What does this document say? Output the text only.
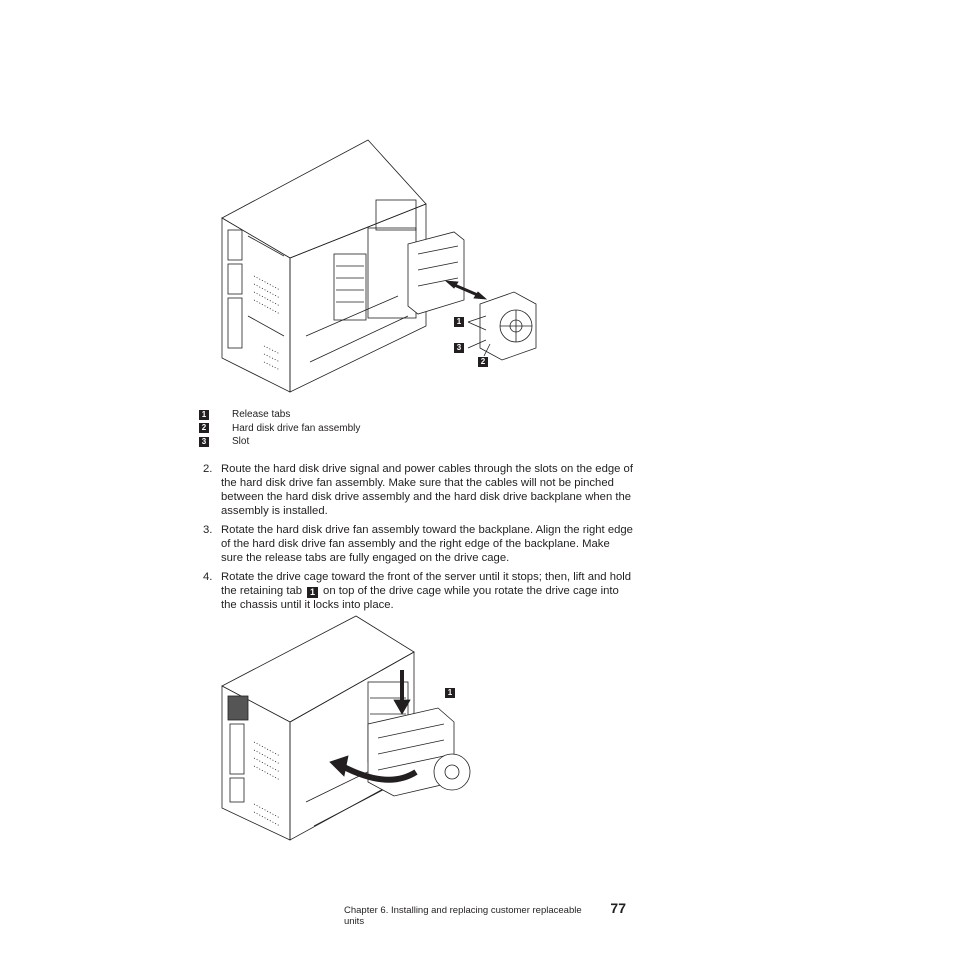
1
3
2
1	Release tabs
2	Hard disk drive fan assembly
3	Slot
2. Route the hard disk drive signal and power cables through the slots on the edge of the hard disk drive fan assembly. Make sure that the cables will not be pinched between the hard disk drive assembly and the hard disk drive backplane when the assembly is installed.
3. Rotate the hard disk drive fan assembly toward the backplane. Align the right edge of the hard disk drive fan assembly and the right edge of the backplane. Make sure the release tabs are fully engaged on the drive cage.
4. Rotate the drive cage toward the front of the server until it stops; then, lift and hold the retaining tab 1 on top of the drive cage while you rotate the drive cage into the chassis until it locks into place.
1
Chapter 6. Installing and replacing customer replaceable units
77
